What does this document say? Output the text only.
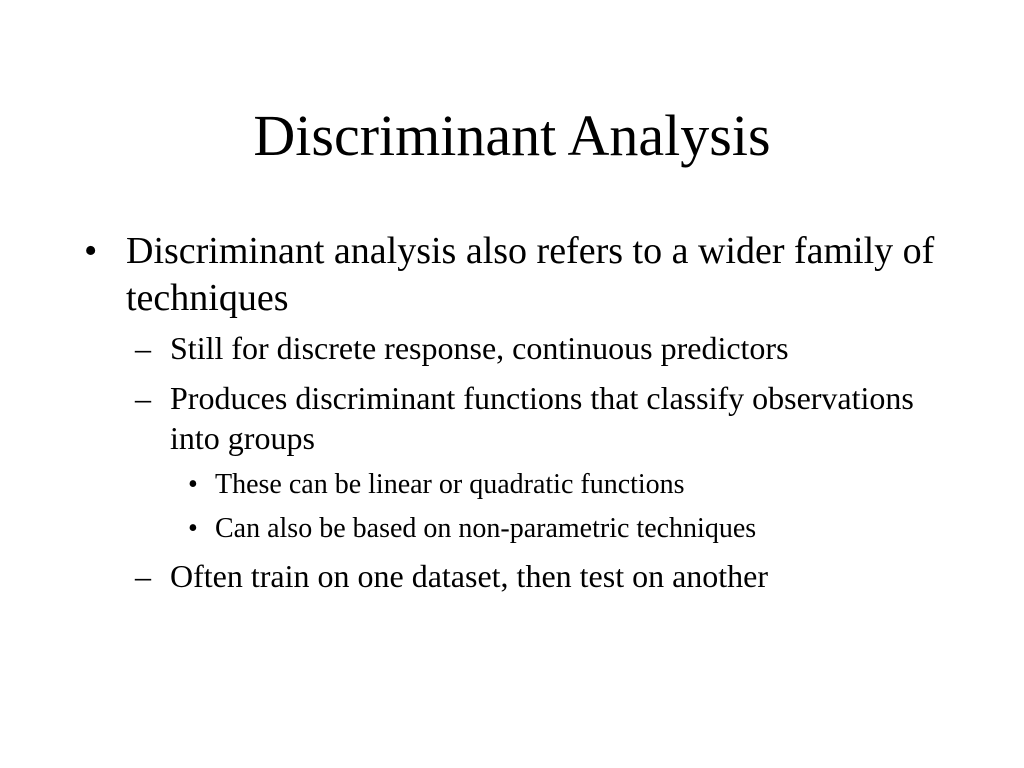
Discriminant Analysis
• Discriminant analysis also refers to a wider family of techniques
– Still for discrete response, continuous predictors
– Produces discriminant functions that classify observations into groups
• These can be linear or quadratic functions
• Can also be based on non-parametric techniques
– Often train on one dataset, then test on another
